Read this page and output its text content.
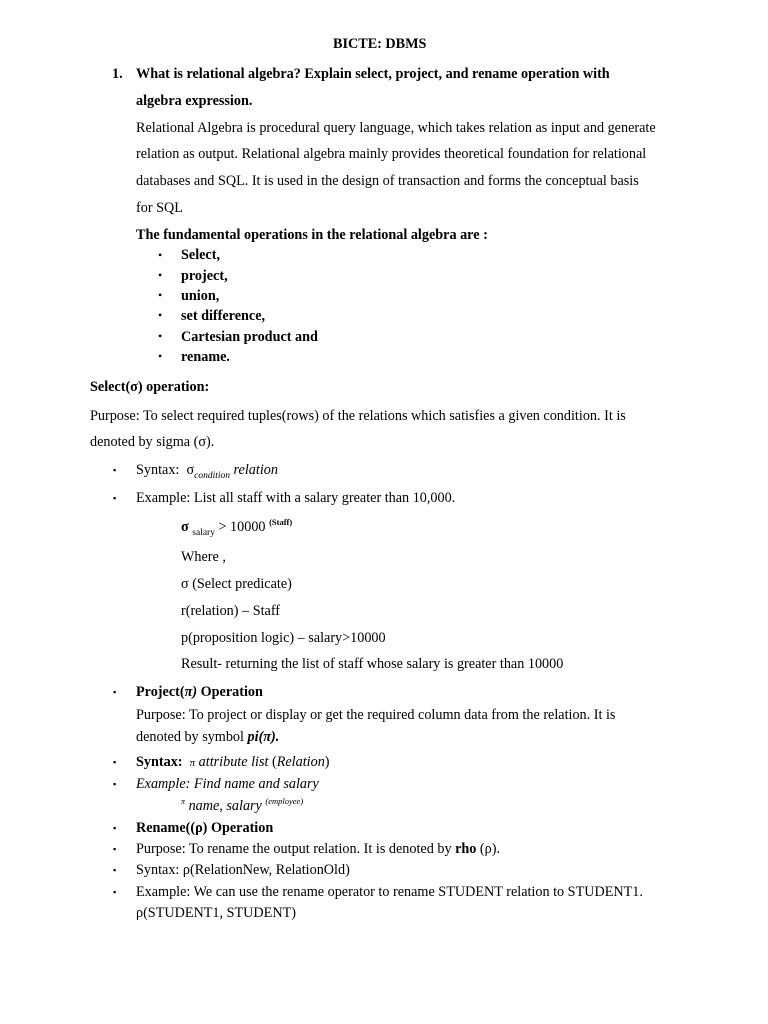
BICTE: DBMS
1. What is relational algebra? Explain select, project, and rename operation with
algebra expression.
Relational Algebra is procedural query language, which takes relation as input and generate
relation as output. Relational algebra mainly provides theoretical foundation for relational
databases and SQL. It is used in the design of transaction and forms the conceptual basis
for SQL
The fundamental operations in the relational algebra are :
• Select,
• project,
• union,
• set difference,
• Cartesian product and
• rename.
Select(σ) operation:
Purpose: To select required tuples(rows) of the relations which satisfies a given condition. It is
denoted by sigma (σ).
▪ Syntax: $\sigma_{condition}$ relation
▪ Example: List all staff with a salary greater than 10,000.
σ $_{salary}$ > 10000 $^{(Staff)}$
Where ,
σ (Select predicate)
r(relation) – Staff
p(proposition logic) – salary>10000
Result- returning the list of staff whose salary is greater than 10000
▪ Project(π) Operation
Purpose: To project or display or get the required column data from the relation. It is
denoted by symbol pi(π).
▪ Syntax: π attribute list (Relation)
▪ Example: Find name and salary
$^\pi$ name, salary $^{(employee)}$
▪ Rename((ρ) Operation
▪ Purpose: To rename the output relation. It is denoted by rho (ρ).
▪ Syntax: ρ(RelationNew, RelationOld)
▪ Example: We can use the rename operator to rename STUDENT relation to STUDENT1.
ρ(STUDENT1, STUDENT)
